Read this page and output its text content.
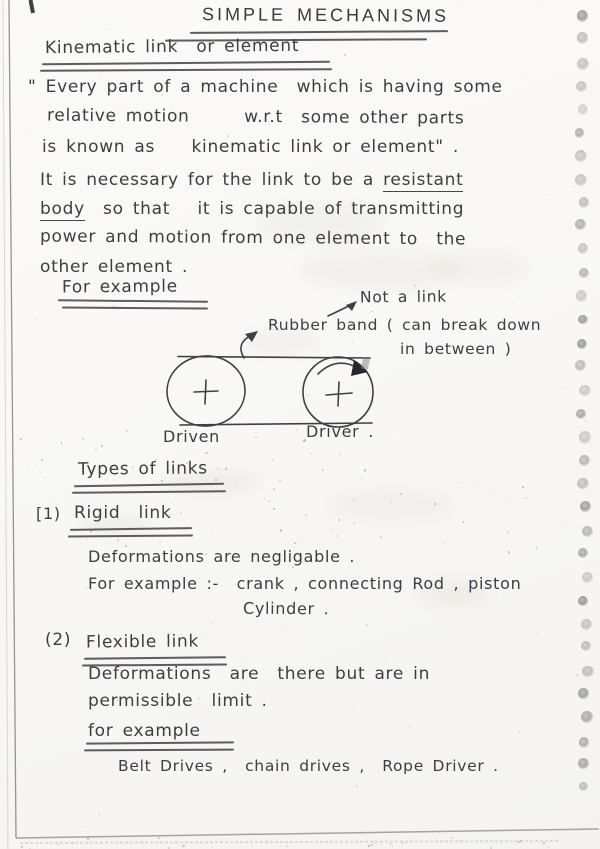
SIMPLE MECHANISMS
Kinematic link  or element
" Every part of a machine  which is having some
relative motion      w.r.t  some other parts
is known as    kinematic link or element" .
It is necessary for the link to be a resistant
body  so that   it is capable of transmitting
power and motion from one element to  the
other element .
For example	Not a link
Rubber band ( can break down
in between )
Driven	Driver .
Types of links
[1) Rigid  link
Deformations are negligable .
For example :-  crank , connecting Rod , piston
Cylinder .
(2) Flexible link
Deformations  are  there but are in
permissible  limit .
for example
Belt Drives ,  chain drives ,  Rope Driver .
